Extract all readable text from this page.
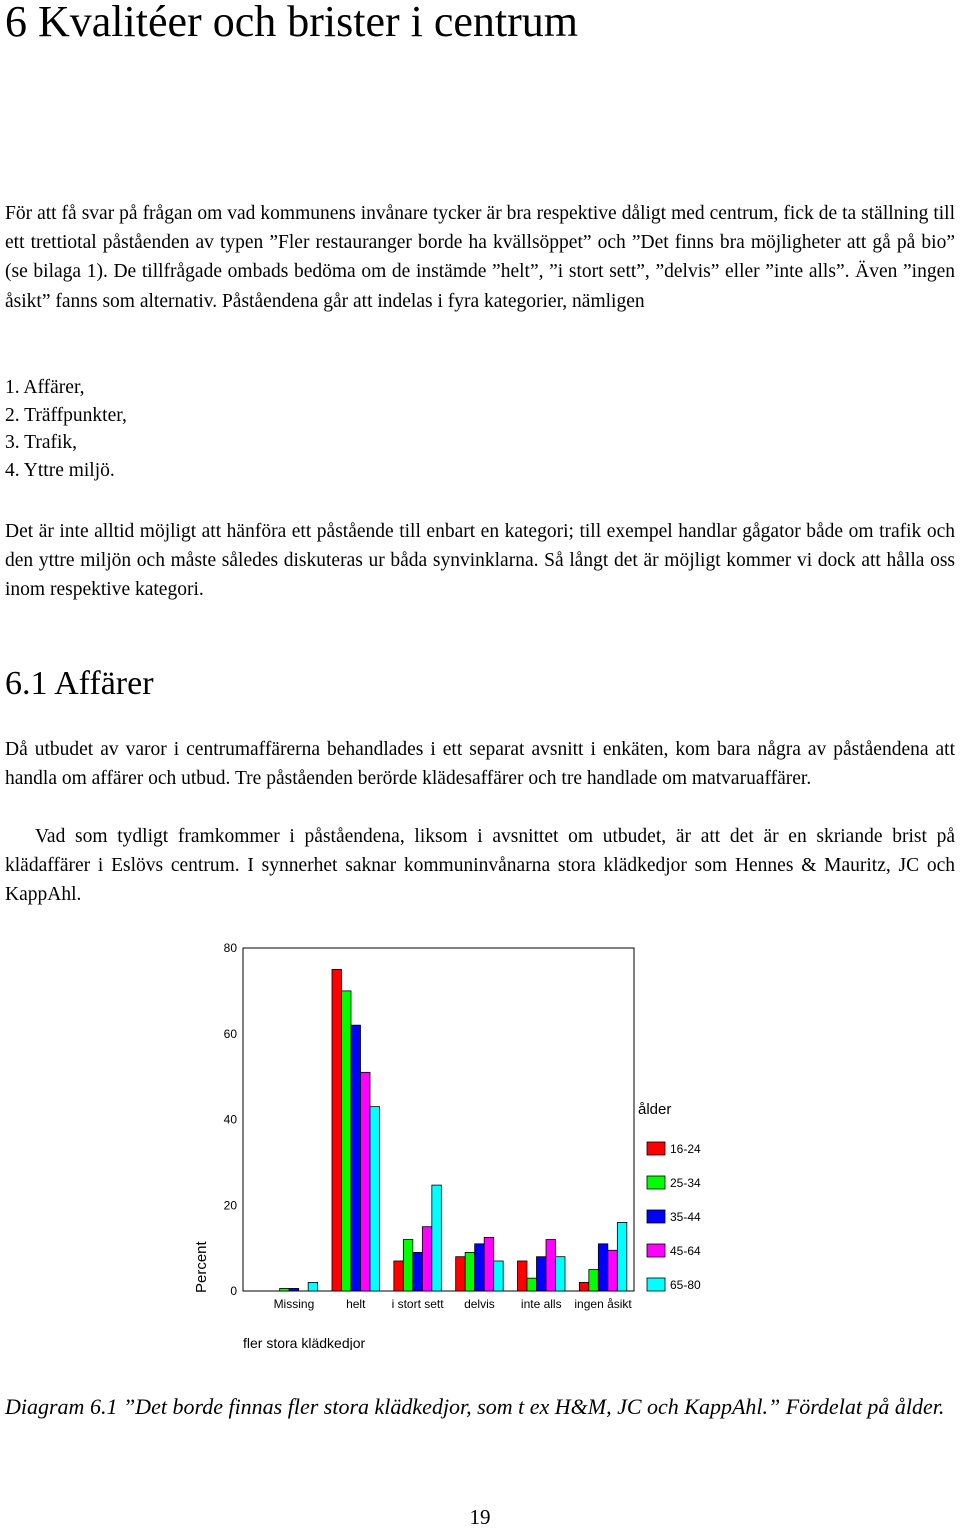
6 Kvalitéer och brister i centrum

För att få svar på frågan om vad kommunens invånare tycker är bra respektive dåligt med centrum, fick de ta ställning till ett trettiotal påståenden av typen ”Fler restauranger borde ha kvällsöppet” och ”Det finns bra möjligheter att gå på bio” (se bilaga 1). De tillfrågade ombads bedöma om de instämde ”helt”, ”i stort sett”, ”delvis” eller ”inte alls”. Även ”ingen åsikt” fanns som alternativ. Påståendena går att indelas i fyra kategorier, nämligen

1. Affärer,
2. Träffpunkter,
3. Trafik,
4. Yttre miljö.

Det är inte alltid möjligt att hänföra ett påstående till enbart en kategori; till exempel handlar gågator både om trafik och den yttre miljön och måste således diskuteras ur båda synvinklarna. Så långt det är möjligt kommer vi dock att hålla oss inom respektive kategori.

6.1 Affärer

Då utbudet av varor i centrumaffärerna behandlades i ett separat avsnitt i enkäten, kom bara några av påståendena att handla om affärer och utbud. Tre påståenden berörde klädesaffärer och tre handlade om matvaruaffärer.

Vad som tydligt framkommer i påståendena, liksom i avsnittet om utbudet, är att det är en skriande brist på klädaffärer i Eslövs centrum. I synnerhet saknar kommuninvånarna stora klädkedjor som Hennes & Mauritz, JC och KappAhl.

0
20
40
60
80
Missing	helt i stort sett delvis inte alls ingen åsikt
Percent
fler stora klädkedjor
ålder
16-24
25-34
35-44
45-64
65-80

Diagram 6.1 ”Det borde finnas fler stora klädkedjor, som t ex H&M, JC och KappAhl.” Fördelat på ålder.

19
